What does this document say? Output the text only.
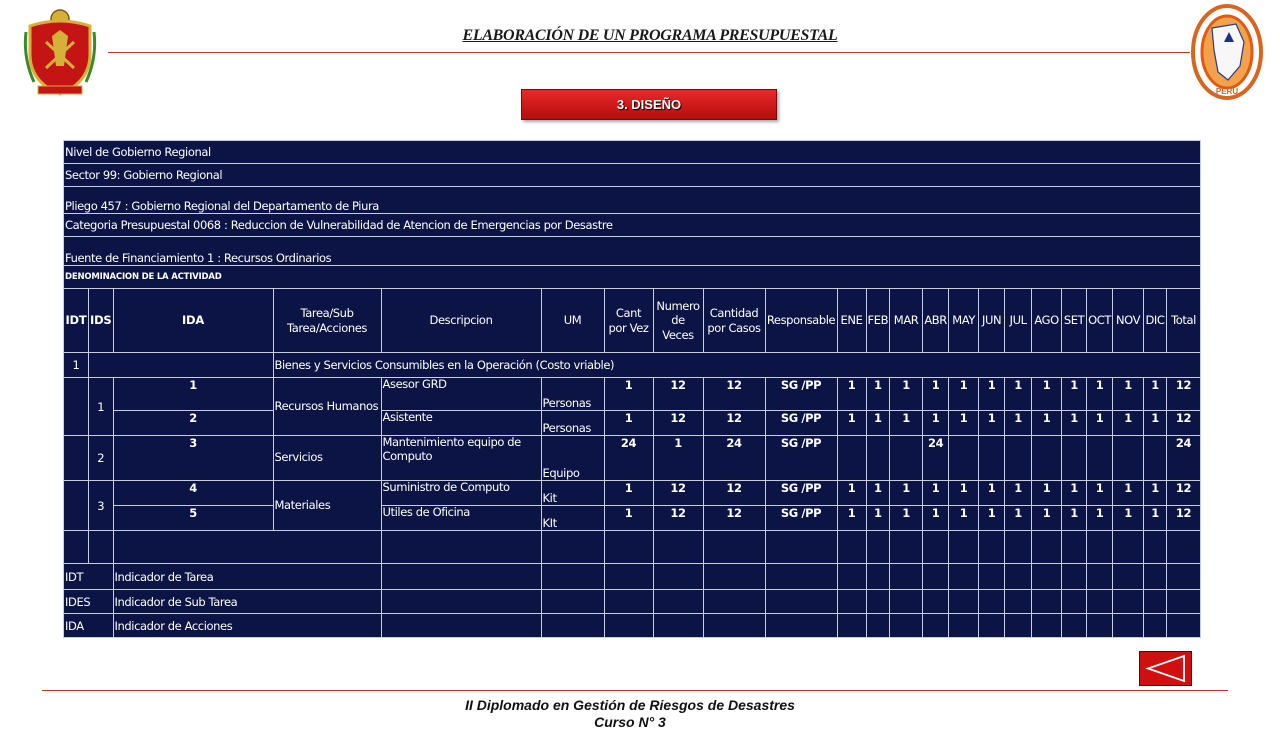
ELABORACIÓN DE UN PROGRAMA PRESUPUESTAL
PERU
3. DISEÑO
Nivel de Gobierno Regional																						
Sector 99: Gobierno Regional																						
Pliego 457 : Gobierno Regional del Departamento de Piura																						
Categoria Presupuestal 0068 : Reduccion de Vulnerabilidad de Atencion de Emergencias por Desastre																						
Fuente de Financiamiento 1 : Recursos Ordinarios																						
DENOMINACION DE LA ACTIVIDAD																						
IDT	IDS	IDA	Tarea/Sub Tarea/Acciones	Descripcion	UM	Cant por Vez	Numero de Veces	Cantidad por Casos	Responsable	ENE	FEB	MAR	ABR	MAY	JUN	JUL	AGO	SET	OCT	NOV	DIC	Total
1			Bienes y Servicios Consumibles en la Operación (Costo vriable)																			
	1	1	Recursos Humanos	Asesor GRD	Personas	1	12	12	SG /PP	1	1	1	1	1	1	1	1	1	1	1	1	12
		2		Asistente	Personas	1	12	12	SG /PP	1	1	1	1	1	1	1	1	1	1	1	1	12
	2	3	Servicios	Mantenimiento equipo de Computo	Equipo	24	1	24	SG /PP				24									24
	3	4	Materiales	Suministro de Computo	Kit	1	12	12	SG /PP	1	1	1	1	1	1	1	1	1	1	1	1	12
		5		Utiles de Oficina	KIt	1	12	12	SG /PP	1	1	1	1	1	1	1	1	1	1	1	1	12

IDT		Indicador de Tarea																				
IDES		Indicador de Sub Tarea																				
IDA		Indicador de Acciones																				
II Diplomado en Gestión de Riesgos de Desastres
Curso N° 3
